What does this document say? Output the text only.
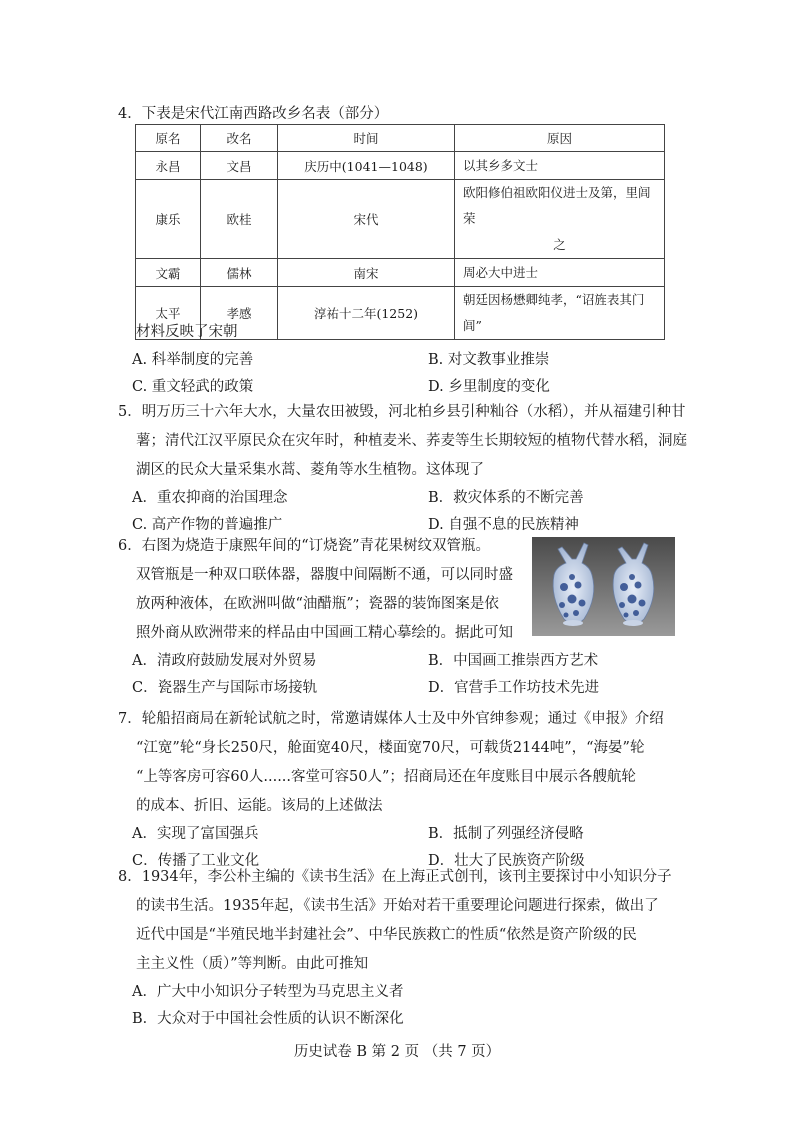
4．下表是宋代江南西路改乡名表（部分）
原名	改名	时间	原因
永昌	文昌	庆历中(1041—1048)	以其乡多文士
康乐	欧桂	宋代	欧阳修伯祖欧阳仪进士及第，里闾荣
之

文霸	儒林	南宋	周必大中进士
太平	孝感	淳祐十二年(1252)	朝廷因杨懋卿纯孝，“诏旌表其门
闾”
材料反映了宋朝
A. 科举制度的完善	B. 对文教事业推崇
C. 重文轻武的政策	D. 乡里制度的变化
5．明万历三十六年大水，大量农田被毁，河北柏乡县引种籼谷（水稻），并从福建引种甘
薯；清代江汉平原民众在灾年时，种植麦米、荞麦等生长期较短的植物代替水稻，洞庭
湖区的民众大量采集水蒿、菱角等水生植物。这体现了
A．重农抑商的治国理念	B．救灾体系的不断完善
C. 高产作物的普遍推广	D. 自强不息的民族精神
6．右图为烧造于康熙年间的“订烧瓷”青花果树纹双管瓶。
双管瓶是一种双口联体器，器腹中间隔断不通，可以同时盛
放两种液体，在欧洲叫做“油醋瓶”；瓷器的装饰图案是依
照外商从欧洲带来的样品由中国画工精心摹绘的。据此可知
A．清政府鼓励发展对外贸易	B．中国画工推崇西方艺术
C．瓷器生产与国际市场接轨	D．官营手工作坊技术先进
7．轮船招商局在新轮试航之时，常邀请媒体人士及中外官绅参观；通过《申报》介绍
“江宽”轮“身长250尺，舱面宽40尺，楼面宽70尺，可载货2144吨”，“海晏”轮
“上等客房可容60人......客堂可容50人”；招商局还在年度账目中展示各艘航轮
的成本、折旧、运能。该局的上述做法
A．实现了富国强兵	B．抵制了列强经济侵略
C．传播了工业文化	D．壮大了民族资产阶级
8．1934年，李公朴主编的《读书生活》在上海正式创刊，该刊主要探讨中小知识分子
的读书生活。1935年起，《读书生活》开始对若干重要理论问题进行探索，做出了
近代中国是“半殖民地半封建社会”、中华民族救亡的性质“依然是资产阶级的民
主主义性（质）”等判断。由此可推知
A．广大中小知识分子转型为马克思主义者
B．大众对于中国社会性质的认识不断深化
历史试卷 B 第 2 页 （共 7 页）
